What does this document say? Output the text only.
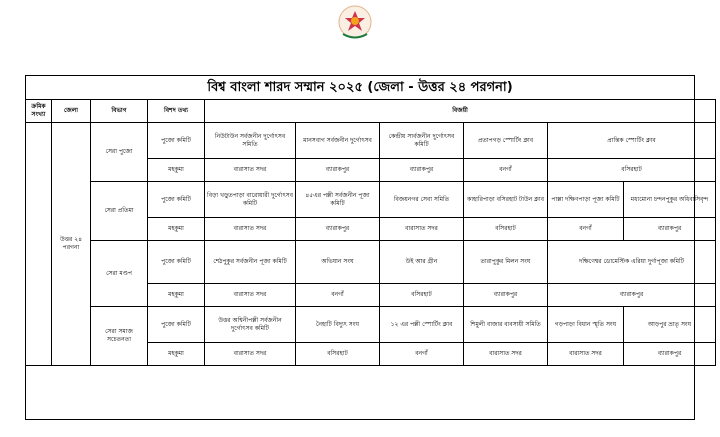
বিশ্ব বাংলা শারদ সম্মান ২০২৫ (জেলা - উত্তর ২৪ পরগনা)
ক্রমিক সংখ্যা	জেলা	বিভাগ	বিশদ তথ্য	বিজয়ী					
	উত্তর ২৪ পরগনা	সেরা পুজো	পুজো কমিটি	নিউটাউন সর্বজনীন দুর্গোৎসব সমিতি	মানসবাগ সর্বজনীন দুর্গোৎসব	কেন্দ্রীয় সার্বজনীন দুর্গোৎসব কমিটি	প্রতাপগড় স্পোর্টিং ক্লাব	প্রান্তিক স্পোর্টিং ক্লাব	
			মহকুমা	বারাসাত সদর	ব্যারাকপুর	ব্যারাকপুর	বনগাঁ	বসিরহাট	
		সেরা প্রতিমা	পুজো কমিটি	বিড়া খড়ুতপাড়া বারোয়ারী দুর্গোৎসব কমিটি	৪৫এর পল্লী সর্বজনীন পূজা কমিটি	বিজয়নগর সেবা সমিতি	কাহারিপাড়া বসিরহাট টাউন ক্লাব	পাল্লা দক্ষিণপাড়া পূজা কমিটি	মধ্যমোনা চন্দনপুকুর অধিবাসিবৃন্দ
			মহকুমা	বারাসাত সদর	ব্যারাকপুর	বারাসাত সদর	বসিরহাট	বনগাঁ	ব্যারাকপুর
		সেরা মণ্ডপ	পুজো কমিটি	শেঠপুকুর সর্বজনীন পূজা কমিটি	অভিযান সংঘ	উই আর গ্রীন	তারাপুকুর মিলন সংঘ	দক্ষিণেশ্বর ডোমেস্টিক এরিয়া দুর্গাপূজা কমিটি	
			মহকুমা	বারাসাত সদর	বনগাঁ	বসিরহাট	ব্যারাকপুর	ব্যারাকপুর	
		সেরা সমাজ সচেতনতা	পুজো কমিটি	উত্তর অশ্বিনীপল্লী সর্বজনীন দুর্গোৎসব কমিটি	নৈহাটি বিদ্যুৎ সংঘ	১২ এর পল্লী স্পোর্টিং ক্লাব	শিমুলী বাজার ব্যবসায়ী সমিতি	গড়পাড়া বিধান স্মৃতি সংঘ	আড়পুর ভ্রাতৃ সংঘ
			মহকুমা	বারাসাত সদর	বসিরহাট	বনগাঁ	বারাসাত সদর	বারাসাত সদর	ব্যারাকপুর
